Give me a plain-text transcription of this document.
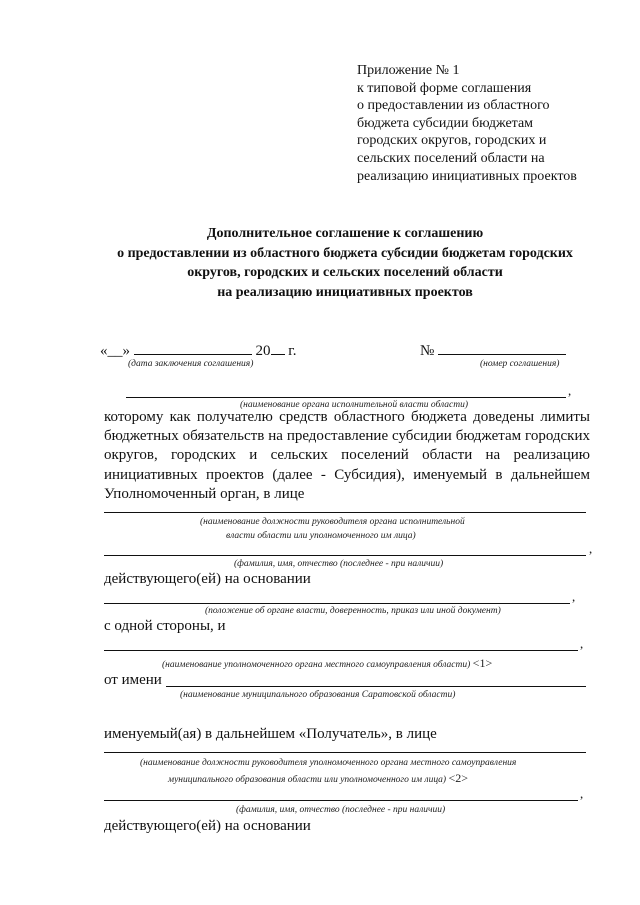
Приложение № 1
к типовой форме соглашения
о предоставлении из областного
бюджета субсидии бюджетам
городских округов, городских и
сельских поселений области на
реализацию инициативных проектов
Дополнительное соглашение к соглашению
о предоставлении из областного бюджета субсидии бюджетам городских
округов, городских и сельских поселений области
на реализацию инициативных проектов
«__»	20 г.
(дата заключения соглашения)
№
(номер соглашения)
,
(наименование органа исполнительной власти области)
которому как получателю средств областного бюджета доведены лимиты бюджетных обязательств на предоставление субсидии бюджетам городских округов, городских и сельских поселений области на реализацию инициативных проектов (далее - Субсидия), именуемый в дальнейшем Уполномоченный орган, в лице
(наименование должности руководителя органа исполнительной
власти области или уполномоченного им лица)
,
(фамилия, имя, отчество (последнее - при наличии)
действующего(ей) на основании
,
(положение об органе власти, доверенность, приказ или иной документ)
с одной стороны, и
,
(наименование уполномоченного органа местного самоуправления области) <1>
от имени
(наименование муниципального образования Саратовской области)
именуемый(ая) в дальнейшем «Получатель», в лице
(наименование должности руководителя уполномоченного органа местного самоуправления
муниципального образования области или уполномоченного им лица) <2>
,
(фамилия, имя, отчество (последнее - при наличии)
действующего(ей) на основании
